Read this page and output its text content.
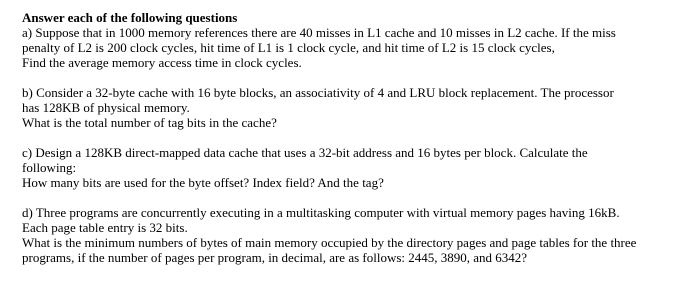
Answer each of the following questions
a) Suppose that in 1000 memory references there are 40 misses in L1 cache and 10 misses in L2 cache. If the miss
penalty of L2 is 200 clock cycles, hit time of L1 is 1 clock cycle, and hit time of L2 is 15 clock cycles,
Find the average memory access time in clock cycles.
b) Consider a 32-byte cache with 16 byte blocks, an associativity of 4 and LRU block replacement. The processor
has 128KB of physical memory.
What is the total number of tag bits in the cache?
c) Design a 128KB direct-mapped data cache that uses a 32-bit address and 16 bytes per block. Calculate the
following:
How many bits are used for the byte offset? Index field? And the tag?
d) Three programs are concurrently executing in a multitasking computer with virtual memory pages having 16kB.
Each page table entry is 32 bits.
What is the minimum numbers of bytes of main memory occupied by the directory pages and page tables for the three
programs, if the number of pages per program, in decimal, are as follows: 2445, 3890, and 6342?
